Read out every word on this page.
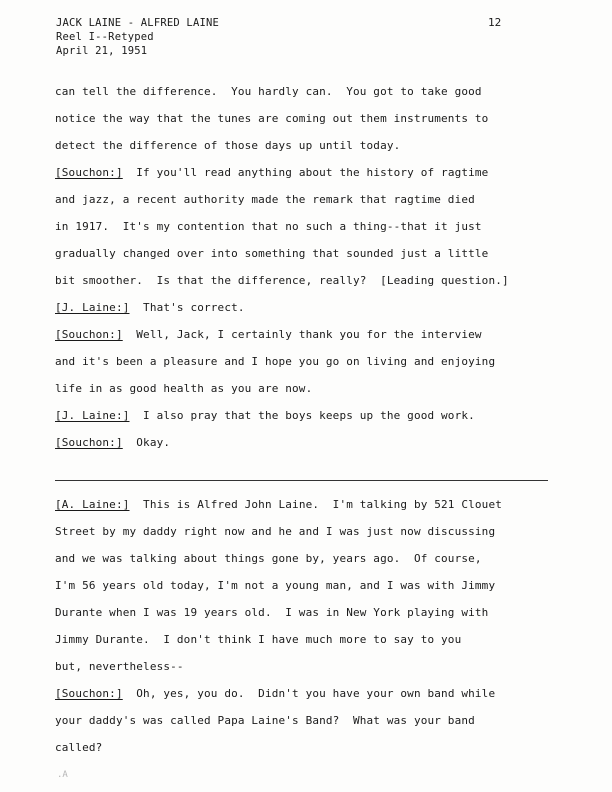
JACK LAINE - ALFRED LAINE
Reel I--Retyped
April 21, 1951
12
can tell the difference.  You hardly can.  You got to take good
notice the way that the tunes are coming out them instruments to
detect the difference of those days up until today.
[Souchon:]  If you'll read anything about the history of ragtime
and jazz, a recent authority made the remark that ragtime died
in 1917.  It's my contention that no such a thing--that it just
gradually changed over into something that sounded just a little
bit smoother.  Is that the difference, really?  [Leading question.]
[J. Laine:]  That's correct.
[Souchon:]  Well, Jack, I certainly thank you for the interview
and it's been a pleasure and I hope you go on living and enjoying
life in as good health as you are now.
[J. Laine:]  I also pray that the boys keeps up the good work.
[Souchon:]  Okay.
[A. Laine:]  This is Alfred John Laine.  I'm talking by 521 Clouet
Street by my daddy right now and he and I was just now discussing
and we was talking about things gone by, years ago.  Of course,
I'm 56 years old today, I'm not a young man, and I was with Jimmy
Durante when I was 19 years old.  I was in New York playing with
Jimmy Durante.  I don't think I have much more to say to you
but, nevertheless--
[Souchon:]  Oh, yes, you do.  Didn't you have your own band while
your daddy's was called Papa Laine's Band?  What was your band
called?
.A
